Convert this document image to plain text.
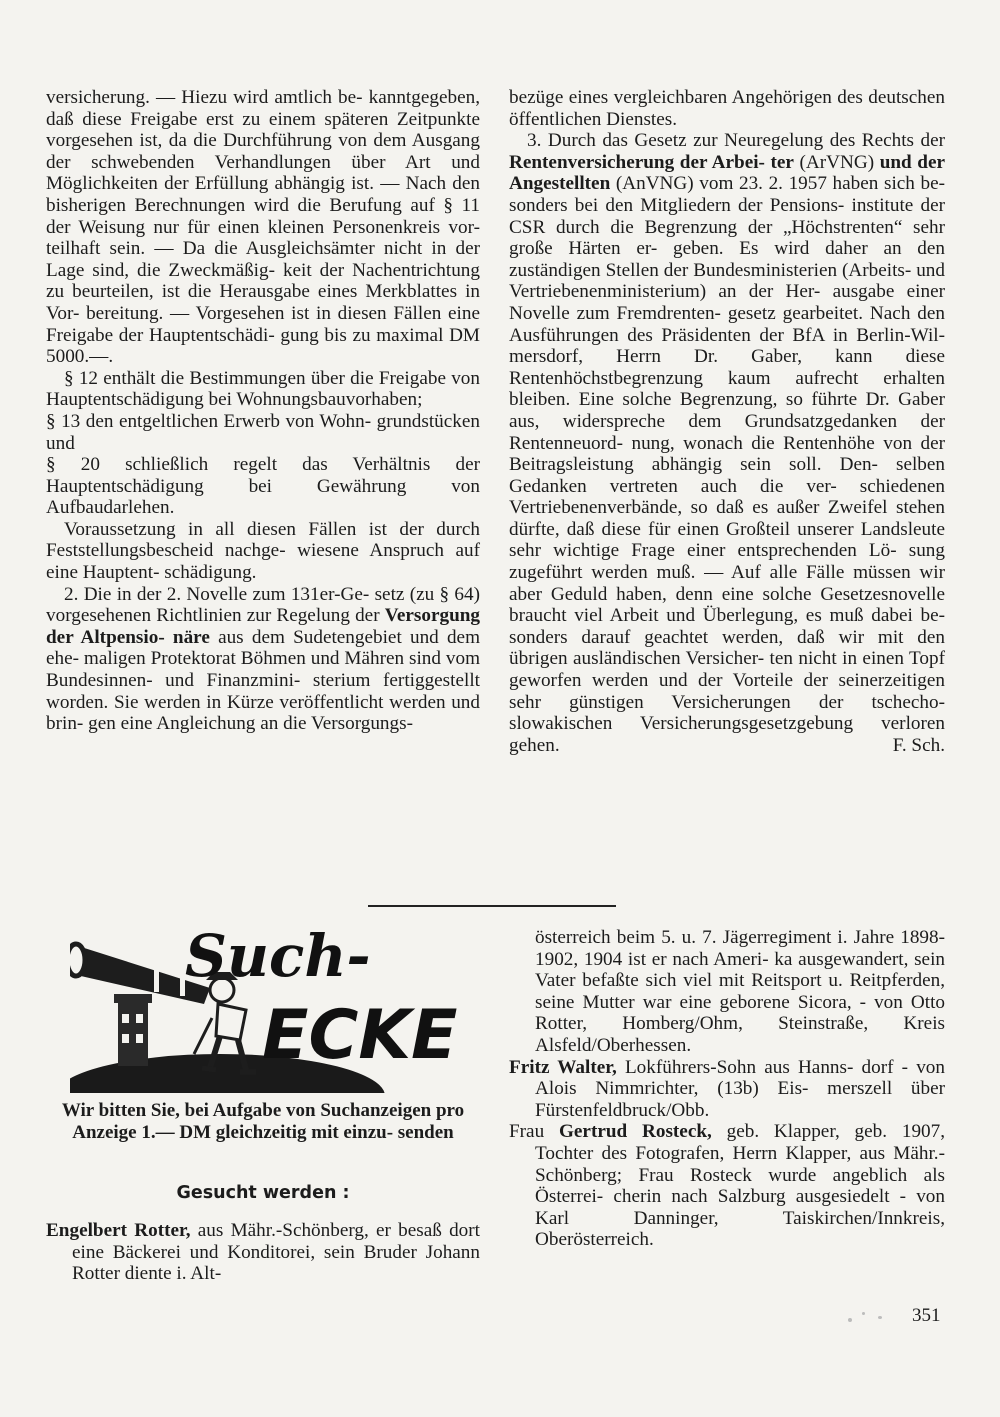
versicherung. — Hiezu wird amtlich be- kanntgegeben, daß diese Freigabe erst zu einem späteren Zeitpunkte vorgesehen ist, da die Durchführung von dem Ausgang der schwebenden Verhandlungen über Art und Möglichkeiten der Erfüllung abhängig ist. — Nach den bisherigen Berechnungen wird die Berufung auf § 11 der Weisung nur für einen kleinen Personenkreis vor- teilhaft sein. — Da die Ausgleichsämter nicht in der Lage sind, die Zweckmäßig- keit der Nachentrichtung zu beurteilen, ist die Herausgabe eines Merkblattes in Vor- bereitung. — Vorgesehen ist in diesen Fällen eine Freigabe der Hauptentschädi- gung bis zu maximal DM 5000.—.

§ 12 enthält die Bestimmungen über die Freigabe von Hauptentschädigung bei Wohnungsbauvorhaben;

§ 13 den entgeltlichen Erwerb von Wohn- grundstücken und

§ 20 schließlich regelt das Verhältnis der Hauptentschädigung bei Gewährung von Aufbaudarlehen.

Voraussetzung in all diesen Fällen ist der durch Feststellungsbescheid nachge- wiesene Anspruch auf eine Hauptent- schädigung.

2. Die in der 2. Novelle zum 131er-Ge- setz (zu § 64) vorgesehenen Richtlinien zur Regelung der Versorgung der Altpensio- näre aus dem Sudetengebiet und dem ehe- maligen Protektorat Böhmen und Mähren sind vom Bundesinnen- und Finanzmini- sterium fertiggestellt worden. Sie werden in Kürze veröffentlicht werden und brin- gen eine Angleichung an die Versorgungs-

bezüge eines vergleichbaren Angehörigen des deutschen öffentlichen Dienstes.

3. Durch das Gesetz zur Neuregelung des Rechts der Rentenversicherung der Arbei- ter (ArVNG) und der Angestellten (AnVNG) vom 23. 2. 1957 haben sich be- sonders bei den Mitgliedern der Pensions- institute der CSR durch die Begrenzung der „Höchstrenten“ sehr große Härten er- geben. Es wird daher an den zuständigen Stellen der Bundesministerien (Arbeits- und Vertriebenenministerium) an der Her- ausgabe einer Novelle zum Fremdrenten- gesetz gearbeitet. Nach den Ausführungen des Präsidenten der BfA in Berlin-Wil- mersdorf, Herrn Dr. Gaber, kann diese Rentenhöchstbegrenzung kaum aufrecht erhalten bleiben. Eine solche Begrenzung, so führte Dr. Gaber aus, widerspreche dem Grundsatzgedanken der Rentenneuord- nung, wonach die Rentenhöhe von der Beitragsleistung abhängig sein soll. Den- selben Gedanken vertreten auch die ver- schiedenen Vertriebenenverbände, so daß es außer Zweifel stehen dürfte, daß diese für einen Großteil unserer Landsleute sehr wichtige Frage einer entsprechenden Lö- sung zugeführt werden muß. — Auf alle Fälle müssen wir aber Geduld haben, denn eine solche Gesetzesnovelle braucht viel Arbeit und Überlegung, es muß dabei be- sonders darauf geachtet werden, daß wir mit den übrigen ausländischen Versicher- ten nicht in einen Topf geworfen werden und der Vorteile der seinerzeitigen sehr günstigen Versicherungen der tschecho- slowakischen Versicherungsgesetzgebung verloren gehen.	F. Sch.

Such-
ECKE
Wir bitten Sie, bei Aufgabe von Suchanzeigen pro Anzeige 1.— DM gleichzeitig mit einzu- senden
Gesucht werden :

Engelbert Rotter, aus Mähr.-Schönberg, er besaß dort eine Bäckerei und Konditorei, sein Bruder Johann Rotter diente i. Alt-

österreich beim 5. u. 7. Jägerregiment i. Jahre 1898-1902, 1904 ist er nach Ameri- ka ausgewandert, sein Vater befaßte sich viel mit Reitsport u. Reitpferden, seine Mutter war eine geborene Sicora, - von Otto Rotter, Homberg/Ohm, Steinstraße, Kreis Alsfeld/Oberhessen.

Fritz Walter, Lokführers-Sohn aus Hanns- dorf - von Alois Nimmrichter, (13b) Eis- merszell über Fürstenfeldbruck/Obb.

Frau Gertrud Rosteck, geb. Klapper, geb. 1907, Tochter des Fotografen, Herrn Klapper, aus Mähr.-Schönberg; Frau Rosteck wurde angeblich als Österrei- cherin nach Salzburg ausgesiedelt - von Karl Danninger, Taiskirchen/Innkreis, Oberösterreich.

351
